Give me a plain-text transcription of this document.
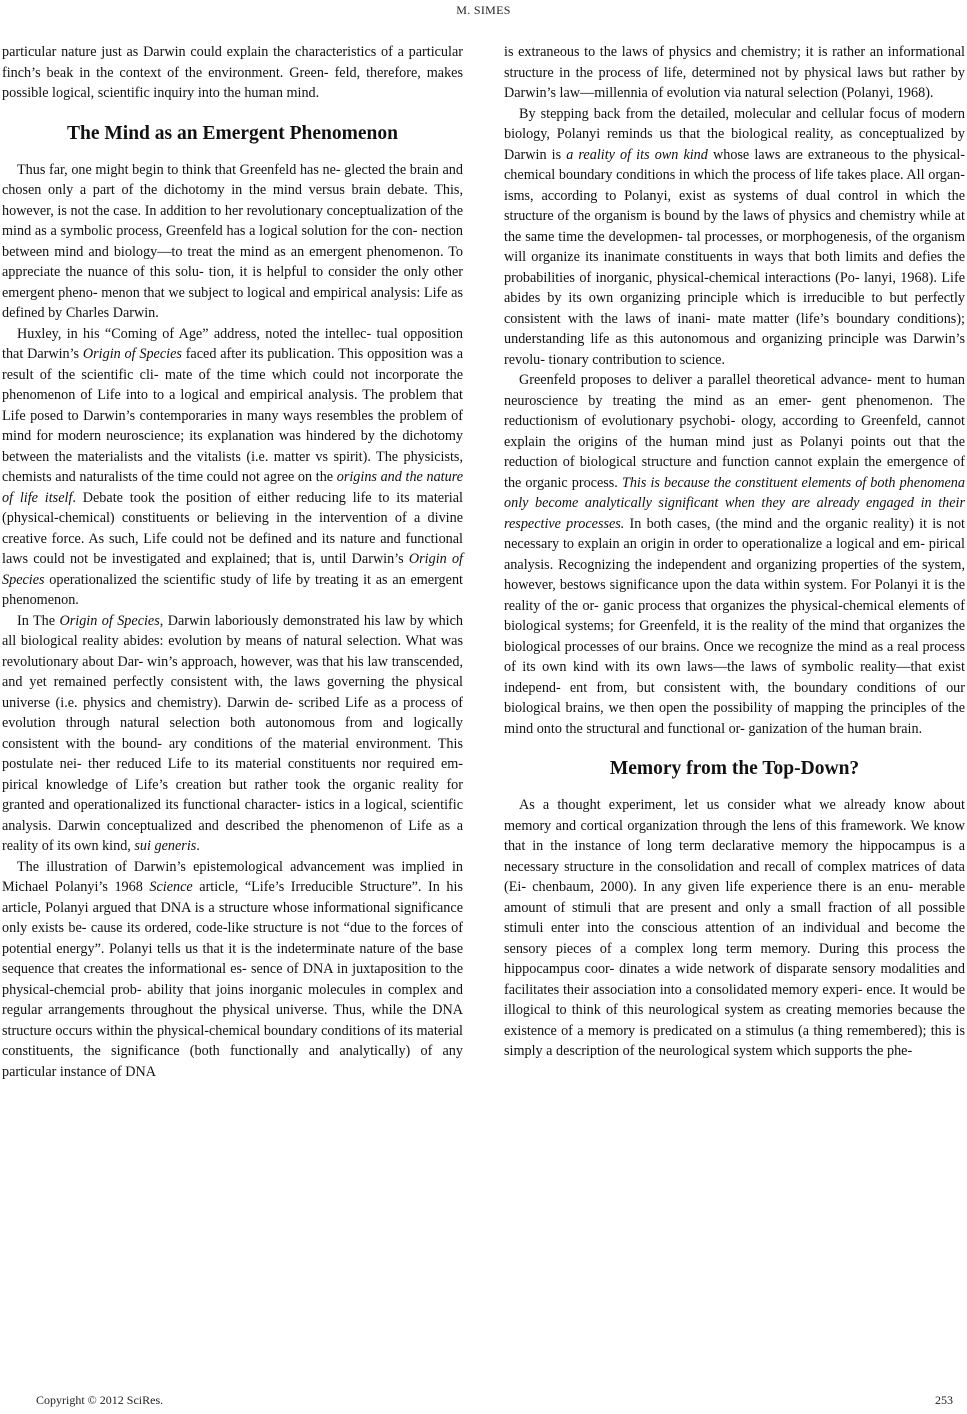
M. SIMES

particular nature just as Darwin could explain the characteristics of a particular finch’s beak in the context of the environment. Green- feld, therefore, makes possible logical, scientific inquiry into the human mind.

The Mind as an Emergent Phenomenon

Thus far, one might begin to think that Greenfeld has ne- glected the brain and chosen only a part of the dichotomy in the mind versus brain debate. This, however, is not the case. In addition to her revolutionary conceptualization of the mind as a symbolic process, Greenfeld has a logical solution for the con- nection between mind and biology—to treat the mind as an emergent phenomenon. To appreciate the nuance of this solu- tion, it is helpful to consider the only other emergent pheno- menon that we subject to logical and empirical analysis: Life as defined by Charles Darwin.

Huxley, in his “Coming of Age” address, noted the intellec- tual opposition that Darwin’s Origin of Species faced after its publication. This opposition was a result of the scientific cli- mate of the time which could not incorporate the phenomenon of Life into to a logical and empirical analysis. The problem that Life posed to Darwin’s contemporaries in many ways resembles the problem of mind for modern neuroscience; its explanation was hindered by the dichotomy between the materialists and the vitalists (i.e. matter vs spirit). The physicists, chemists and naturalists of the time could not agree on the origins and the nature of life itself. Debate took the position of either reducing life to its material (physical-chemical) constituents or believing in the intervention of a divine creative force. As such, Life could not be defined and its nature and functional laws could not be investigated and explained; that is, until Darwin’s Origin of Species operationalized the scientific study of life by treating it as an emergent phenomenon.

In The Origin of Species, Darwin laboriously demonstrated his law by which all biological reality abides: evolution by means of natural selection. What was revolutionary about Dar- win’s approach, however, was that his law transcended, and yet remained perfectly consistent with, the laws governing the physical universe (i.e. physics and chemistry). Darwin de- scribed Life as a process of evolution through natural selection both autonomous from and logically consistent with the bound- ary conditions of the material environment. This postulate nei- ther reduced Life to its material constituents nor required em- pirical knowledge of Life’s creation but rather took the organic reality for granted and operationalized its functional character- istics in a logical, scientific analysis. Darwin conceptualized and described the phenomenon of Life as a reality of its own kind, sui generis.

The illustration of Darwin’s epistemological advancement was implied in Michael Polanyi’s 1968 Science article, “Life’s Irreducible Structure”. In his article, Polanyi argued that DNA is a structure whose informational significance only exists be- cause its ordered, code-like structure is not “due to the forces of potential energy”. Polanyi tells us that it is the indeterminate nature of the base sequence that creates the informational es- sence of DNA in juxtaposition to the physical-chemcial prob- ability that joins inorganic molecules in complex and regular arrangements throughout the physical universe. Thus, while the DNA structure occurs within the physical-chemical boundary conditions of its material constituents, the significance (both functionally and analytically) of any particular instance of DNA

is extraneous to the laws of physics and chemistry; it is rather an informational structure in the process of life, determined not by physical laws but rather by Darwin’s law—millennia of evolution via natural selection (Polanyi, 1968).

By stepping back from the detailed, molecular and cellular focus of modern biology, Polanyi reminds us that the biological reality, as conceptualized by Darwin is a reality of its own kind whose laws are extraneous to the physical-chemical boundary conditions in which the process of life takes place. All organ- isms, according to Polanyi, exist as systems of dual control in which the structure of the organism is bound by the laws of physics and chemistry while at the same time the developmen- tal processes, or morphogenesis, of the organism will organize its inanimate constituents in ways that both limits and defies the probabilities of inorganic, physical-chemical interactions (Po- lanyi, 1968). Life abides by its own organizing principle which is irreducible to but perfectly consistent with the laws of inani- mate matter (life’s boundary conditions); understanding life as this autonomous and organizing principle was Darwin’s revolu- tionary contribution to science.

Greenfeld proposes to deliver a parallel theoretical advance- ment to human neuroscience by treating the mind as an emer- gent phenomenon. The reductionism of evolutionary psychobi- ology, according to Greenfeld, cannot explain the origins of the human mind just as Polanyi points out that the reduction of biological structure and function cannot explain the emergence of the organic process. This is because the constituent elements of both phenomena only become analytically significant when they are already engaged in their respective processes. In both cases, (the mind and the organic reality) it is not necessary to explain an origin in order to operationalize a logical and em- pirical analysis. Recognizing the independent and organizing properties of the system, however, bestows significance upon the data within system. For Polanyi it is the reality of the or- ganic process that organizes the physical-chemical elements of biological systems; for Greenfeld, it is the reality of the mind that organizes the biological processes of our brains. Once we recognize the mind as a real process of its own kind with its own laws—the laws of symbolic reality—that exist independ- ent from, but consistent with, the boundary conditions of our biological brains, we then open the possibility of mapping the principles of the mind onto the structural and functional or- ganization of the human brain.

Memory from the Top-Down?

As a thought experiment, let us consider what we already know about memory and cortical organization through the lens of this framework. We know that in the instance of long term declarative memory the hippocampus is a necessary structure in the consolidation and recall of complex matrices of data (Ei- chenbaum, 2000). In any given life experience there is an enu- merable amount of stimuli that are present and only a small fraction of all possible stimuli enter into the conscious attention of an individual and become the sensory pieces of a complex long term memory. During this process the hippocampus coor- dinates a wide network of disparate sensory modalities and facilitates their association into a consolidated memory experi- ence. It would be illogical to think of this neurological system as creating memories because the existence of a memory is predicated on a stimulus (a thing remembered); this is simply a description of the neurological system which supports the phe-

Copyright © 2012 SciRes.	253
